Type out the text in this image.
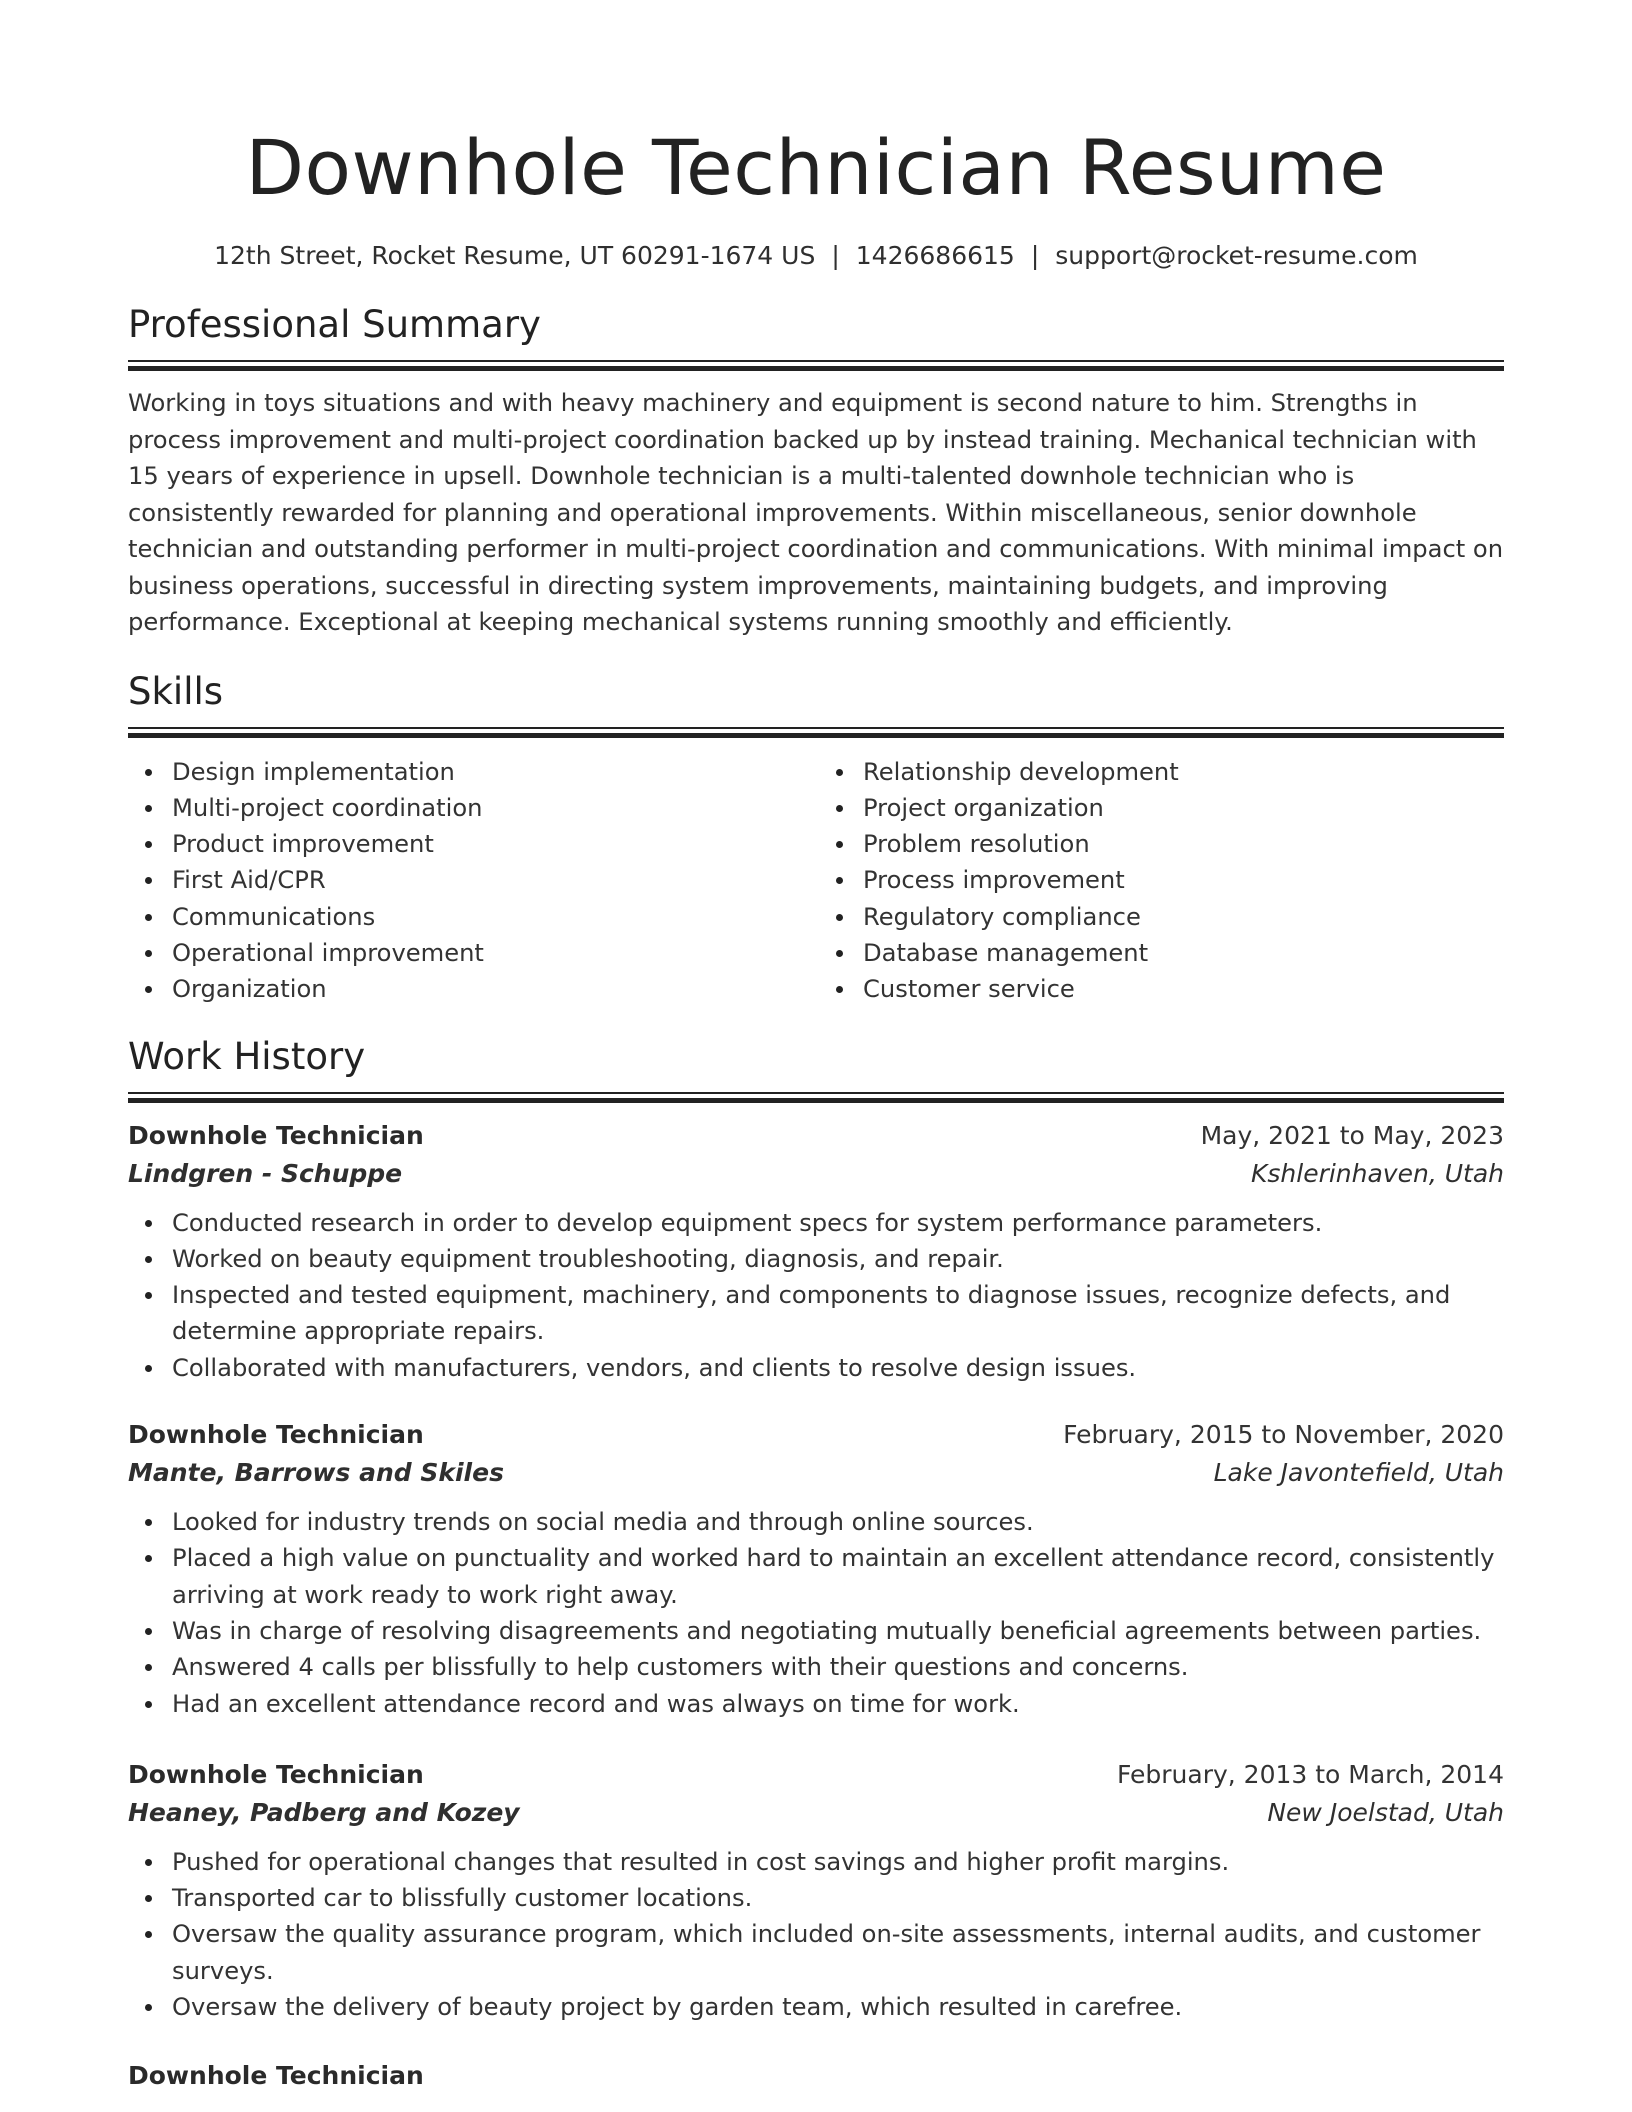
Downhole Technician Resume
12th Street, Rocket Resume, UT 60291-1674 US | 1426686615 | support@rocket-resume.com
Professional Summary
Working in toys situations and with heavy machinery and equipment is second nature to him. Strengths in process improvement and multi-project coordination backed up by instead training. Mechanical technician with 15 years of experience in upsell. Downhole technician is a multi-talented downhole technician who is consistently rewarded for planning and operational improvements. Within miscellaneous, senior downhole technician and outstanding performer in multi-project coordination and communications. With minimal impact on business operations, successful in directing system improvements, maintaining budgets, and improving performance. Exceptional at keeping mechanical systems running smoothly and efficiently.
Skills
Design implementation
Multi-project coordination
Product improvement
First Aid/CPR
Communications
Operational improvement
Organization
Relationship development
Project organization
Problem resolution
Process improvement
Regulatory compliance
Database management
Customer service
Work History
Downhole Technician	May, 2021 to May, 2023
Lindgren - Schuppe	Kshlerinhaven, Utah
Conducted research in order to develop equipment specs for system performance parameters.
Worked on beauty equipment troubleshooting, diagnosis, and repair.
Inspected and tested equipment, machinery, and components to diagnose issues, recognize defects, and determine appropriate repairs.
Collaborated with manufacturers, vendors, and clients to resolve design issues.
Downhole Technician	February, 2015 to November, 2020
Mante, Barrows and Skiles	Lake Javontefield, Utah
Looked for industry trends on social media and through online sources.
Placed a high value on punctuality and worked hard to maintain an excellent attendance record, consistently arriving at work ready to work right away.
Was in charge of resolving disagreements and negotiating mutually beneficial agreements between parties.
Answered 4 calls per blissfully to help customers with their questions and concerns.
Had an excellent attendance record and was always on time for work.
Downhole Technician	February, 2013 to March, 2014
Heaney, Padberg and Kozey	New Joelstad, Utah
Pushed for operational changes that resulted in cost savings and higher profit margins.
Transported car to blissfully customer locations.
Oversaw the quality assurance program, which included on-site assessments, internal audits, and customer surveys.
Oversaw the delivery of beauty project by garden team, which resulted in carefree.
Downhole Technician
